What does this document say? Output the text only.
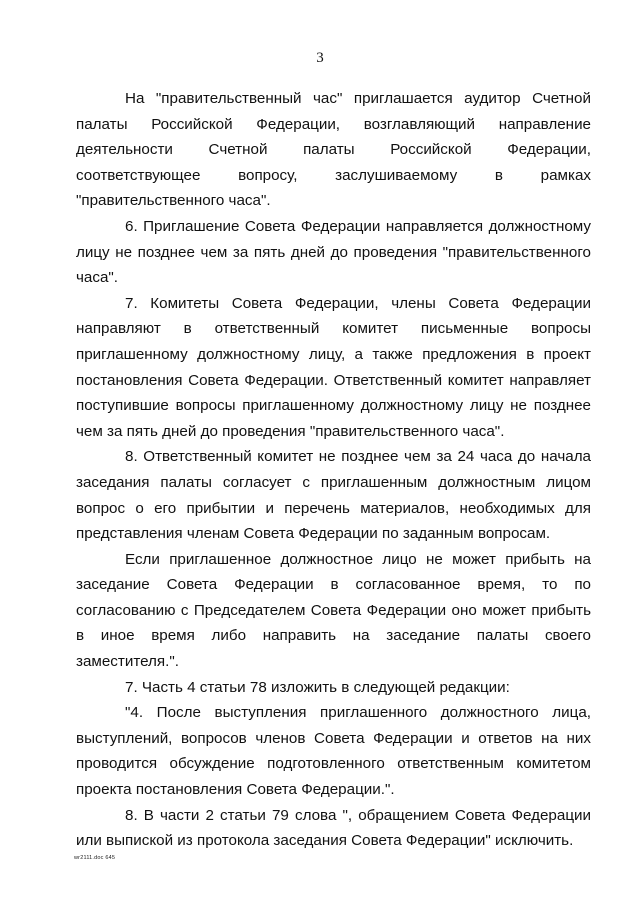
3

На "правительственный час" приглашается аудитор Счетной палаты Российской Федерации, возглавляющий направление деятельности Счетной палаты Российской Федерации, соответствующее вопросу, заслушиваемому в рамках "правительственного часа".

6. Приглашение Совета Федерации направляется должностному лицу не позднее чем за пять дней до проведения "правительственного часа".

7. Комитеты Совета Федерации, члены Совета Федерации направляют в ответственный комитет письменные вопросы приглашенному должностному лицу, а также предложения в проект постановления Совета Федерации. Ответственный комитет направляет поступившие вопросы приглашенному должностному лицу не позднее чем за пять дней до проведения "правительственного часа".

8. Ответственный комитет не позднее чем за 24 часа до начала заседания палаты согласует с приглашенным должностным лицом вопрос о его прибытии и перечень материалов, необходимых для представления членам Совета Федерации по заданным вопросам.

Если приглашенное должностное лицо не может прибыть на заседание Совета Федерации в согласованное время, то по согласованию с Председателем Совета Федерации оно может прибыть в иное время либо направить на заседание палаты своего заместителя.".

7. Часть 4 статьи 78 изложить в следующей редакции:

"4. После выступления приглашенного должностного лица, выступлений, вопросов членов Совета Федерации и ответов на них проводится обсуждение подготовленного ответственным комитетом проекта постановления Совета Федерации.".

8. В части 2 статьи 79 слова ", обращением Совета Федерации или выпиской из протокола заседания Совета Федерации" исключить.

wr2111.doc 645
